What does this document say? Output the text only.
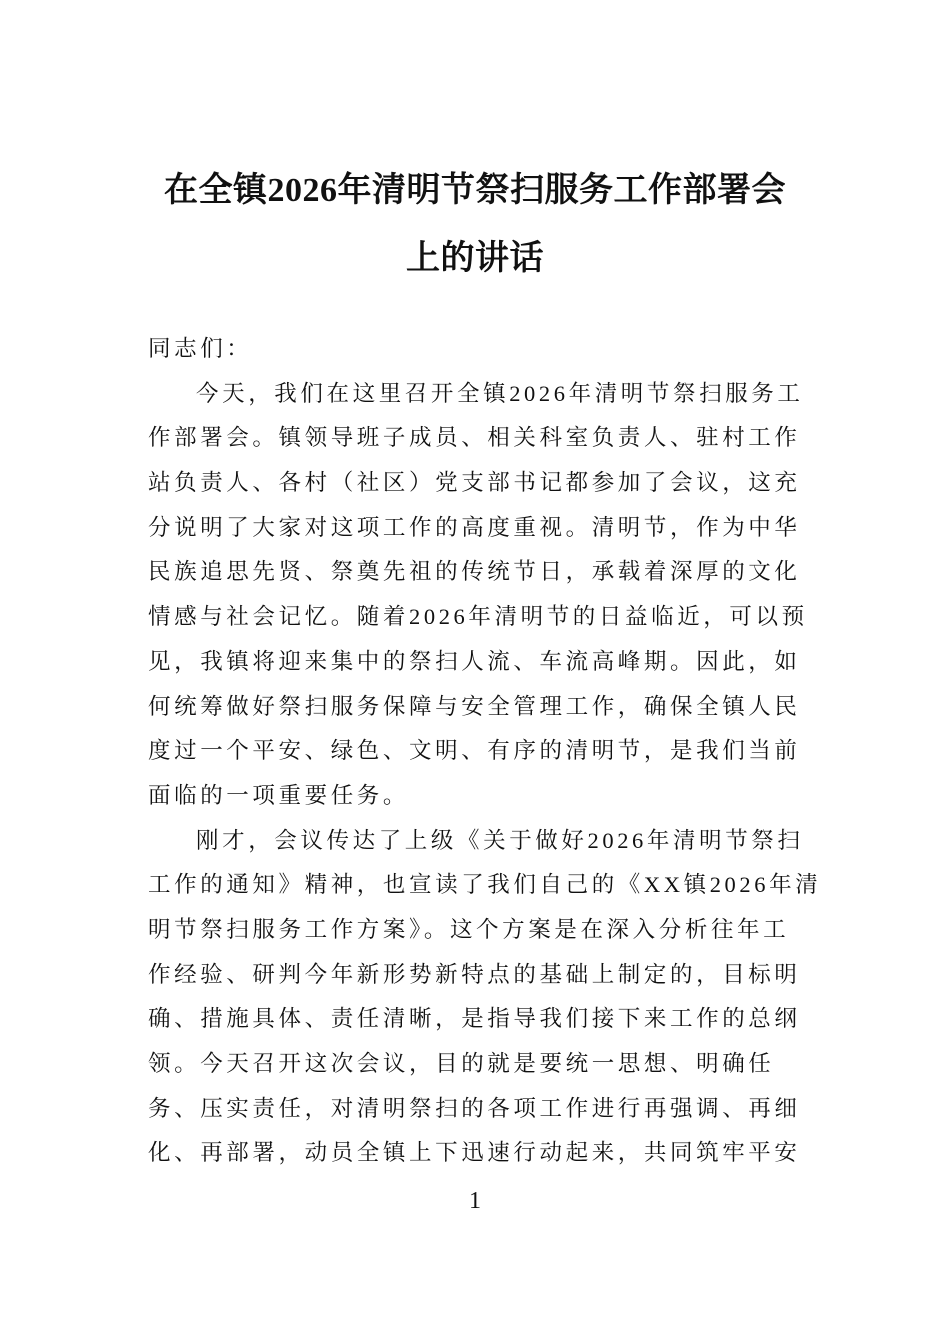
在全镇2026年清明节祭扫服务工作部署会
上的讲话
同志们：
今天，我们在这里召开全镇2026年清明节祭扫服务工
作部署会。镇领导班子成员、相关科室负责人、驻村工作
站负责人、各村（社区）党支部书记都参加了会议，这充
分说明了大家对这项工作的高度重视。清明节，作为中华
民族追思先贤、祭奠先祖的传统节日，承载着深厚的文化
情感与社会记忆。随着2026年清明节的日益临近，可以预
见，我镇将迎来集中的祭扫人流、车流高峰期。因此，如
何统筹做好祭扫服务保障与安全管理工作，确保全镇人民
度过一个平安、绿色、文明、有序的清明节，是我们当前
面临的一项重要任务。
刚才，会议传达了上级《关于做好2026年清明节祭扫
工作的通知》精神，也宣读了我们自己的《XX镇2026年清
明节祭扫服务工作方案》。这个方案是在深入分析往年工
作经验、研判今年新形势新特点的基础上制定的，目标明
确、措施具体、责任清晰，是指导我们接下来工作的总纲
领。今天召开这次会议，目的就是要统一思想、明确任
务、压实责任，对清明祭扫的各项工作进行再强调、再细
化、再部署，动员全镇上下迅速行动起来，共同筑牢平安
1
